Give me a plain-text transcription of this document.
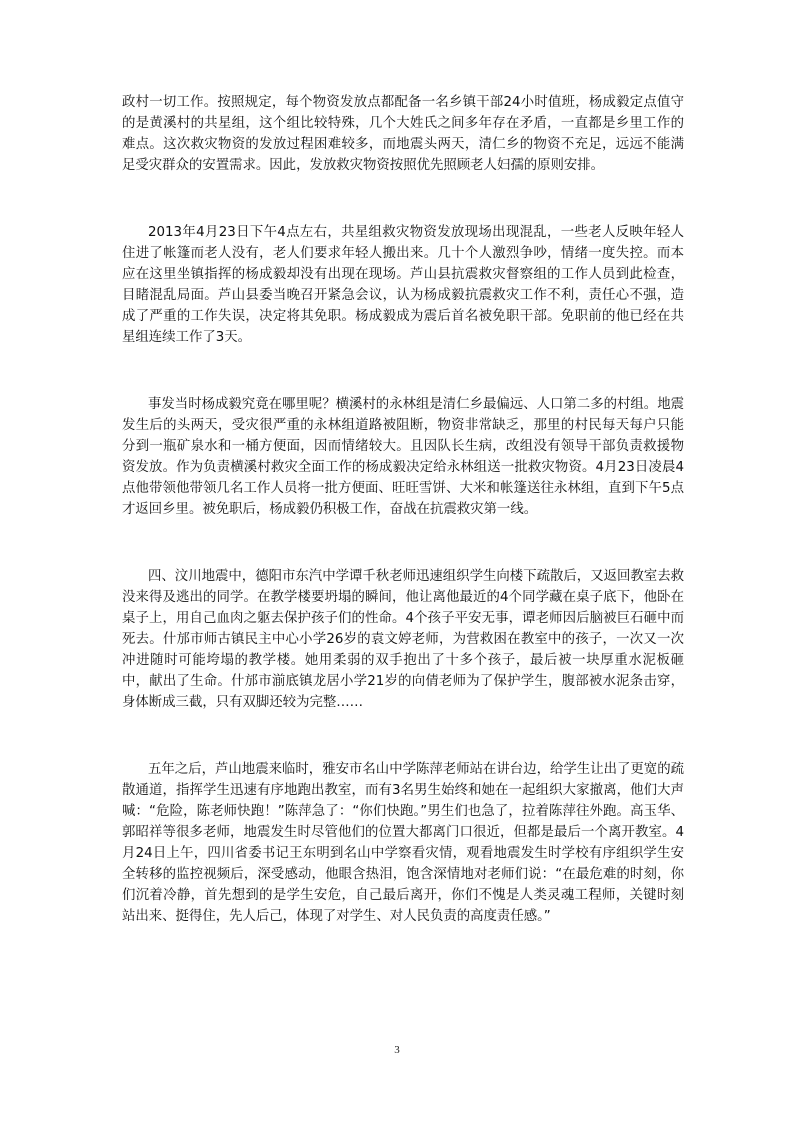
政村一切工作。按照规定，每个物资发放点都配备一名乡镇干部24小时值班，杨成毅定点值守的是黄溪村的共星组，这个组比较特殊，几个大姓氏之间多年存在矛盾，一直都是乡里工作的难点。这次救灾物资的发放过程困难较多，而地震头两天，清仁乡的物资不充足，远远不能满足受灾群众的安置需求。因此，发放救灾物资按照优先照顾老人妇孺的原则安排。

2013年4月23日下午4点左右，共星组救灾物资发放现场出现混乱，一些老人反映年轻人住进了帐篷而老人没有，老人们要求年轻人搬出来。几十个人激烈争吵，情绪一度失控。而本应在这里坐镇指挥的杨成毅却没有出现在现场。芦山县抗震救灾督察组的工作人员到此检查，目睹混乱局面。芦山县委当晚召开紧急会议，认为杨成毅抗震救灾工作不利，责任心不强，造成了严重的工作失误，决定将其免职。杨成毅成为震后首名被免职干部。免职前的他已经在共星组连续工作了3天。

事发当时杨成毅究竟在哪里呢？横溪村的永林组是清仁乡最偏远、人口第二多的村组。地震发生后的头两天，受灾很严重的永林组道路被阻断，物资非常缺乏，那里的村民每天每户只能分到一瓶矿泉水和一桶方便面，因而情绪较大。且因队长生病，改组没有领导干部负责救援物资发放。作为负责横溪村救灾全面工作的杨成毅决定给永林组送一批救灾物资。4月23日凌晨4点他带领他带领几名工作人员将一批方便面、旺旺雪饼、大米和帐篷送往永林组，直到下午5点才返回乡里。被免职后，杨成毅仍积极工作，奋战在抗震救灾第一线。

四、汶川地震中，德阳市东汽中学谭千秋老师迅速组织学生向楼下疏散后，又返回教室去救没来得及逃出的同学。在教学楼要坍塌的瞬间，他让离他最近的4个同学藏在桌子底下，他卧在桌子上，用自己血肉之躯去保护孩子们的性命。4个孩子平安无事，谭老师因后脑被巨石砸中而死去。什邡市师古镇民主中心小学26岁的袁文婷老师，为营救困在教室中的孩子，一次又一次冲进随时可能垮塌的教学楼。她用柔弱的双手抱出了十多个孩子，最后被一块厚重水泥板砸中，献出了生命。什邡市湔底镇龙居小学21岁的向倩老师为了保护学生，腹部被水泥条击穿，身体断成三截，只有双脚还较为完整……

五年之后，芦山地震来临时，雅安市名山中学陈萍老师站在讲台边，给学生让出了更宽的疏散通道，指挥学生迅速有序地跑出教室，而有3名男生始终和她在一起组织大家撤离，他们大声喊：“危险，陈老师快跑！”陈萍急了：“你们快跑。”男生们也急了，拉着陈萍往外跑。高玉华、郭昭祥等很多老师，地震发生时尽管他们的位置大都离门口很近，但都是最后一个离开教室。4月24日上午，四川省委书记王东明到名山中学察看灾情，观看地震发生时学校有序组织学生安全转移的监控视频后，深受感动，他眼含热泪，饱含深情地对老师们说：“在最危难的时刻，你们沉着冷静，首先想到的是学生安危，自己最后离开，你们不愧是人类灵魂工程师，关键时刻站出来、挺得住，先人后己，体现了对学生、对人民负责的高度责任感。”

3
